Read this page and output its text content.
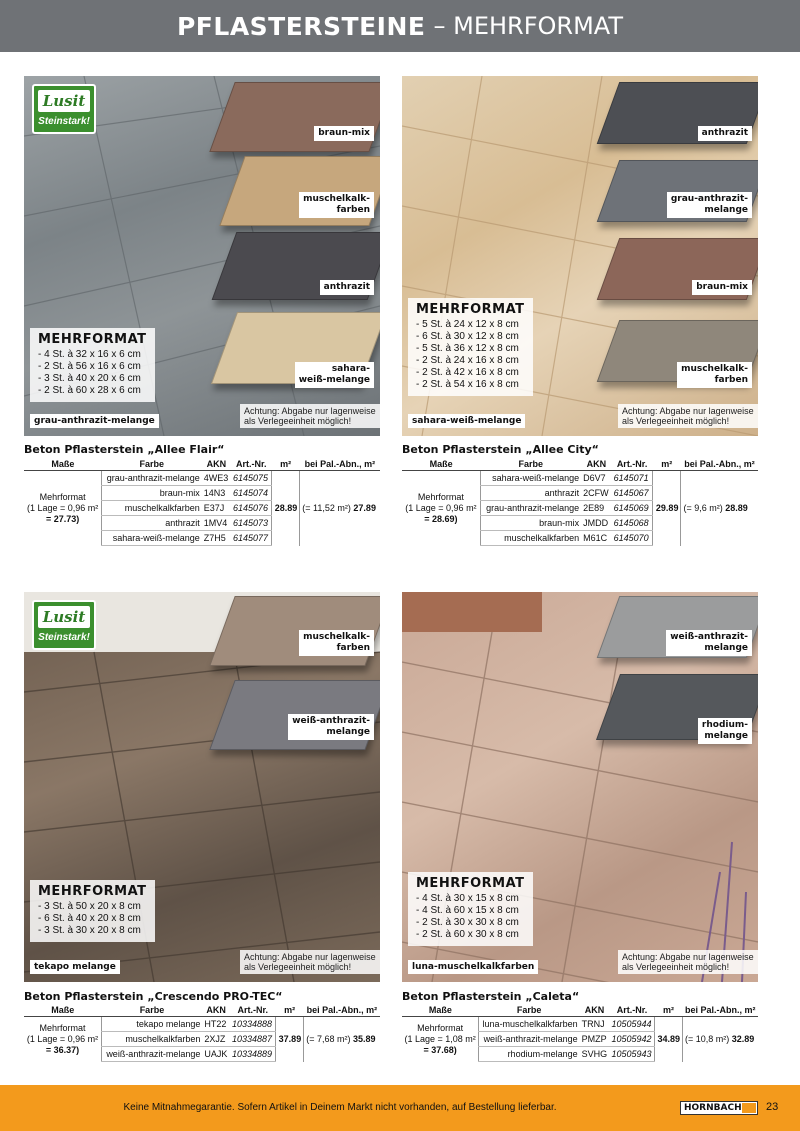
PFLASTERSTEINE – MEHRFORMAT
Lusit
Steinstark!
braun-mix
muschelkalk-
farben
anthrazit
sahara-
weiß-melange
MEHRFORMAT
- 4 St. à 32 x 16 x 6 cm
- 2 St. à 56 x 16 x 6 cm
- 3 St. à 40 x 20 x 6 cm
- 2 St. à 60 x 28 x 6 cm
grau-anthrazit-melange
Achtung: Abgabe nur lagenweise
als Verlegeeinheit möglich!
Beton Pflasterstein „Allee Flair“
Maße	Farbe	AKN	Art.-Nr.	m²	bei Pal.-Abn., m²

Mehrformat
(1 Lage = 0,96 m²
= 27.73)	grau-anthrazit-melange	4WE3	6145075	28.89	(= 11,52 m²) 27.89
	braun-mix	14N3	6145074		
	muschelkalkfarben	E37J	6145076		
	anthrazit	1MV4	6145073		
	sahara-weiß-melange	Z7H5	6145077		
anthrazit
grau-anthrazit-
melange
braun-mix
muschelkalk-
farben
MEHRFORMAT
- 5 St. à 24 x 12 x 8 cm
- 6 St. à 30 x 12 x 8 cm
- 5 St. à 36 x 12 x 8 cm
- 2 St. à 24 x 16 x 8 cm
- 2 St. à 42 x 16 x 8 cm
- 2 St. à 54 x 16 x 8 cm
sahara-weiß-melange
Achtung: Abgabe nur lagenweise
als Verlegeeinheit möglich!
Beton Pflasterstein „Allee City“
Maße	Farbe	AKN	Art.-Nr.	m²	bei Pal.-Abn., m²

Mehrformat
(1 Lage = 0,96 m²
= 28.69)	sahara-weiß-melange	D6V7	6145071	29.89	(= 9,6 m²) 28.89
	anthrazit	2CFW	6145067		
	grau-anthrazit-melange	2E89	6145069		
	braun-mix	JMDD	6145068		
	muschelkalkfarben	M61C	6145070		
Lusit
Steinstark!	muschelkalk-
farben
weiß-anthrazit-
melange
MEHRFORMAT
- 3 St. à 50 x 20 x 8 cm
- 6 St. à 40 x 20 x 8 cm
- 3 St. à 30 x 20 x 8 cm
tekapo melange
Achtung: Abgabe nur lagenweise
als Verlegeeinheit möglich!
Beton Pflasterstein „Crescendo PRO-TEC“
Maße	Farbe	AKN	Art.-Nr.	m²	bei Pal.-Abn., m²

Mehrformat
(1 Lage = 0,96 m²
= 36.37)	tekapo melange	HT22	10334888	37.89	(= 7,68 m²) 35.89
	muschelkalkfarben	2XJZ	10334887		
	weiß-anthrazit-melange	UAJK	10334889		
weiß-anthrazit-
melange
rhodium-
melange
MEHRFORMAT
- 4 St. à 30 x 15 x 8 cm
- 4 St. à 60 x 15 x 8 cm
- 2 St. à 30 x 30 x 8 cm
- 2 St. à 60 x 30 x 8 cm
luna-muschelkalkfarben
Achtung: Abgabe nur lagenweise
als Verlegeeinheit möglich!
Beton Pflasterstein „Caleta“
Maße	Farbe	AKN	Art.-Nr.	m²	bei Pal.-Abn., m²

Mehrformat
(1 Lage = 1,08 m²
= 37.68)	luna-muschelkalkfarben	TRNJ	10505944	34.89	(= 10,8 m²) 32.89
	weiß-anthrazit-melange	PMZP	10505942		
	rhodium-melange	SVHG	10505943		
Keine Mitnahmegarantie. Sofern Artikel in Deinem Markt nicht vorhanden, auf Bestellung lieferbar.	HORNBACH	23
